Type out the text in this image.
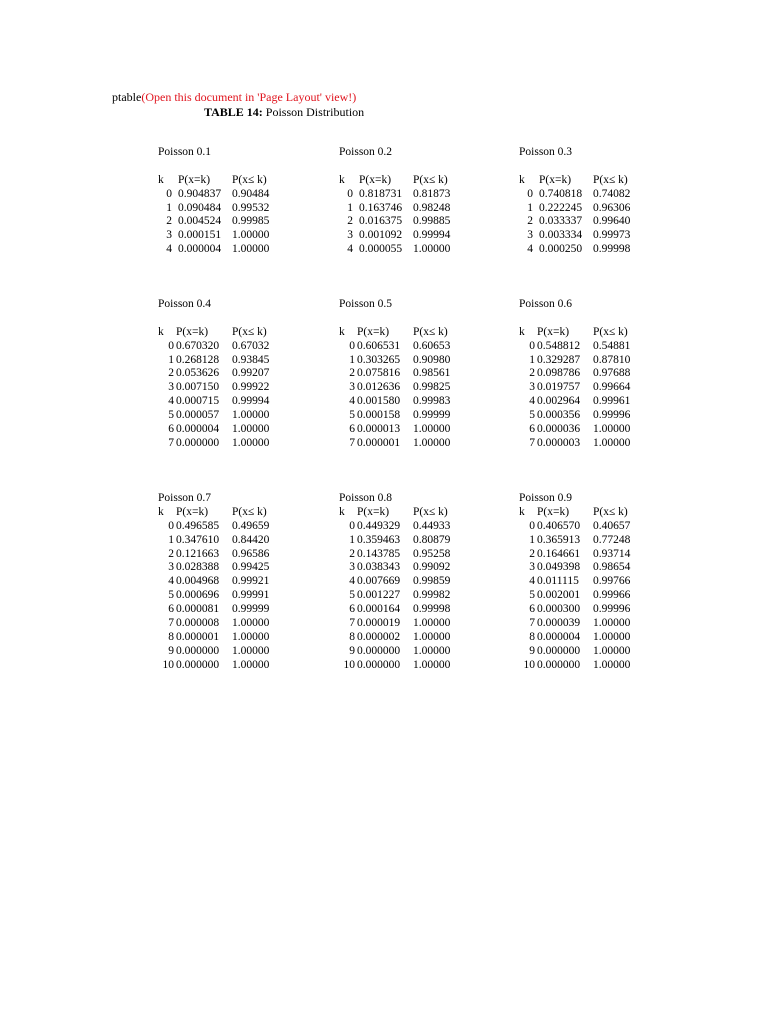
ptable(Open this document in 'Page Layout' view!)
TABLE 14: Poisson Distribution
Poisson 0.1
k	P(x=k)	P(x≤ k)
0 0.904837 0.90484
1 0.090484 0.99532
2 0.004524 0.99985
3 0.000151 1.00000
4 0.000004 1.00000
Poisson 0.2
k	P(x=k)	P(x≤ k)
0 0.818731 0.81873
1 0.163746 0.98248
2 0.016375 0.99885
3 0.001092 0.99994
4 0.000055 1.00000
Poisson 0.3
k	P(x=k)	P(x≤ k)
0 0.740818 0.74082
1 0.222245 0.96306
2 0.033337 0.99640
3 0.003334 0.99973
4 0.000250 0.99998
Poisson 0.4
k	P(x=k)	P(x≤ k)
0 0.670320	0.67032
1 0.268128	0.93845
2 0.053626	0.99207
3 0.007150	0.99922
4 0.000715	0.99994
5 0.000057	1.00000
6 0.000004	1.00000
7 0.000000	1.00000
Poisson 0.5
k	P(x=k)	P(x≤ k)
0 0.606531	0.60653
1 0.303265	0.90980
2 0.075816	0.98561
3 0.012636	0.99825
4 0.001580	0.99983
5 0.000158	0.99999
6 0.000013	1.00000
7 0.000001	1.00000
Poisson 0.6
k	P(x=k)	P(x≤ k)
0 0.548812	0.54881
1 0.329287	0.87810
2 0.098786	0.97688
3 0.019757	0.99664
4 0.002964	0.99961
5 0.000356	0.99996
6 0.000036	1.00000
7 0.000003	1.00000
Poisson 0.7
k	P(x=k)	P(x≤ k)
0 0.496585	0.49659
1 0.347610	0.84420
2 0.121663	0.96586
3 0.028388	0.99425
4 0.004968	0.99921
5 0.000696	0.99991
6 0.000081	0.99999
7 0.000008	1.00000
8 0.000001	1.00000
9 0.000000	1.00000
10 0.000000	1.00000
Poisson 0.8
k	P(x=k)	P(x≤ k)
0 0.449329	0.44933
1 0.359463	0.80879
2 0.143785	0.95258
3 0.038343	0.99092
4 0.007669	0.99859
5 0.001227	0.99982
6 0.000164	0.99998
7 0.000019	1.00000
8 0.000002	1.00000
9 0.000000	1.00000
10 0.000000	1.00000
Poisson 0.9
k	P(x=k)	P(x≤ k)
0 0.406570	0.40657
1 0.365913	0.77248
2 0.164661	0.93714
3 0.049398	0.98654
4 0.011115	0.99766
5 0.002001	0.99966
6 0.000300	0.99996
7 0.000039	1.00000
8 0.000004	1.00000
9 0.000000	1.00000
10 0.000000	1.00000
